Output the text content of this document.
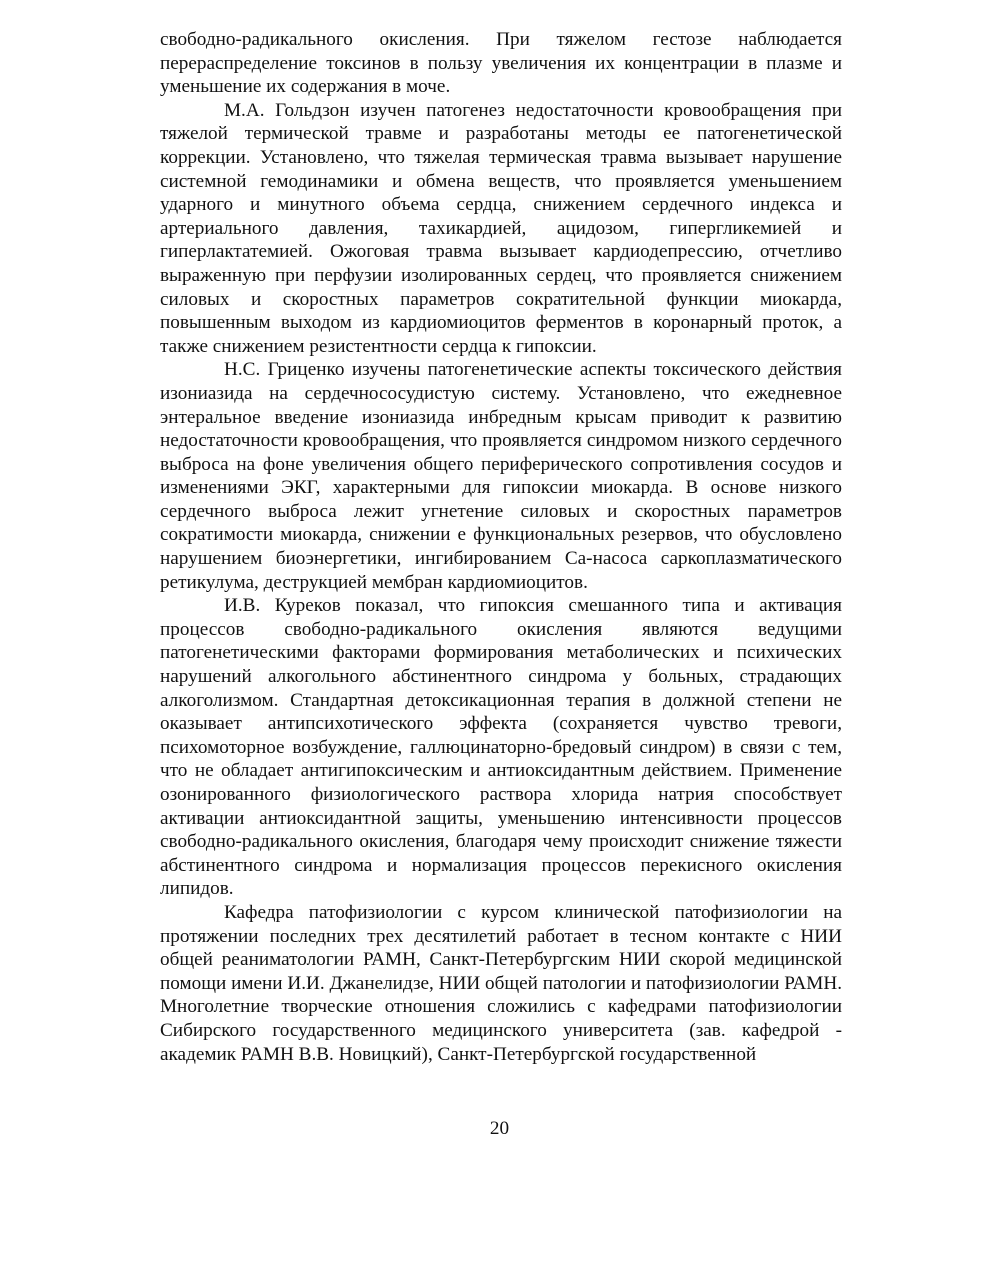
свободно-радикального окисления. При тяжелом гестозе наблюдается перераспределение токсинов в пользу увеличения их концентрации в плазме и уменьшение их содержания в моче.

М.А. Гольдзон изучен патогенез недостаточности кровообращения при тяжелой термической травме и разработаны методы ее патогенетической коррекции. Установлено, что тяжелая термическая травма вызывает нарушение системной гемодинамики и обмена веществ, что проявляется уменьшением ударного и минутного объема сердца, снижением сердечного индекса и артериального давления, тахикардией, ацидозом, гипергликемией и гиперлактатемией. Ожоговая травма вызывает кардиодепрессию, отчетливо выраженную при перфузии изолированных сердец, что проявляется снижением силовых и скоростных параметров сократительной функции миокарда, повышенным выходом из кардиомиоцитов ферментов в коронарный проток, а также снижением резистентности сердца к гипоксии.

Н.С. Гриценко изучены патогенетические аспекты токсического действия изониазида на сердечнососудистую систему. Установлено, что ежедневное энтеральное введение изониазида инбредным крысам приводит к развитию недостаточности кровообращения, что проявляется синдромом низкого сердечного выброса на фоне увеличения общего периферического сопротивления сосудов и изменениями ЭКГ, характерными для гипоксии миокарда. В основе низкого сердечного выброса лежит угнетение силовых и скоростных параметров сократимости миокарда, снижении е функциональных резервов, что обусловлено нарушением биоэнергетики, ингибированием Са-насоса саркоплазматического ретикулума, деструкцией мембран кардиомиоцитов.

И.В. Куреков показал, что гипоксия смешанного типа и активация процессов свободно-радикального окисления являются ведущими патогенетическими факторами формирования метаболических и психических нарушений алкогольного абстинентного синдрома у больных, страдающих алкоголизмом. Стандартная детоксикационная терапия в должной степени не оказывает антипсихотического эффекта (сохраняется чувство тревоги, психомоторное возбуждение, галлюцинаторно-бредовый синдром) в связи с тем, что не обладает антигипоксическим и антиоксидантным действием. Применение озонированного физиологического раствора хлорида натрия способствует активации антиоксидантной защиты, уменьшению интенсивности процессов свободно-радикального окисления, благодаря чему происходит снижение тяжести абстинентного синдрома и нормализация процессов перекисного окисления липидов.

Кафедра патофизиологии с курсом клинической патофизиологии на протяжении последних трех десятилетий работает в тесном контакте с НИИ общей реаниматологии РАМН, Санкт-Петербургским НИИ скорой медицинской помощи имени И.И. Джанелидзе, НИИ общей патологии и патофизиологии РАМН. Многолетние творческие отношения сложились с кафедрами патофизиологии Сибирского государственного медицинского университета (зав. кафедрой - академик РАМН В.В. Новицкий), Санкт-Петербургской государственной

20
